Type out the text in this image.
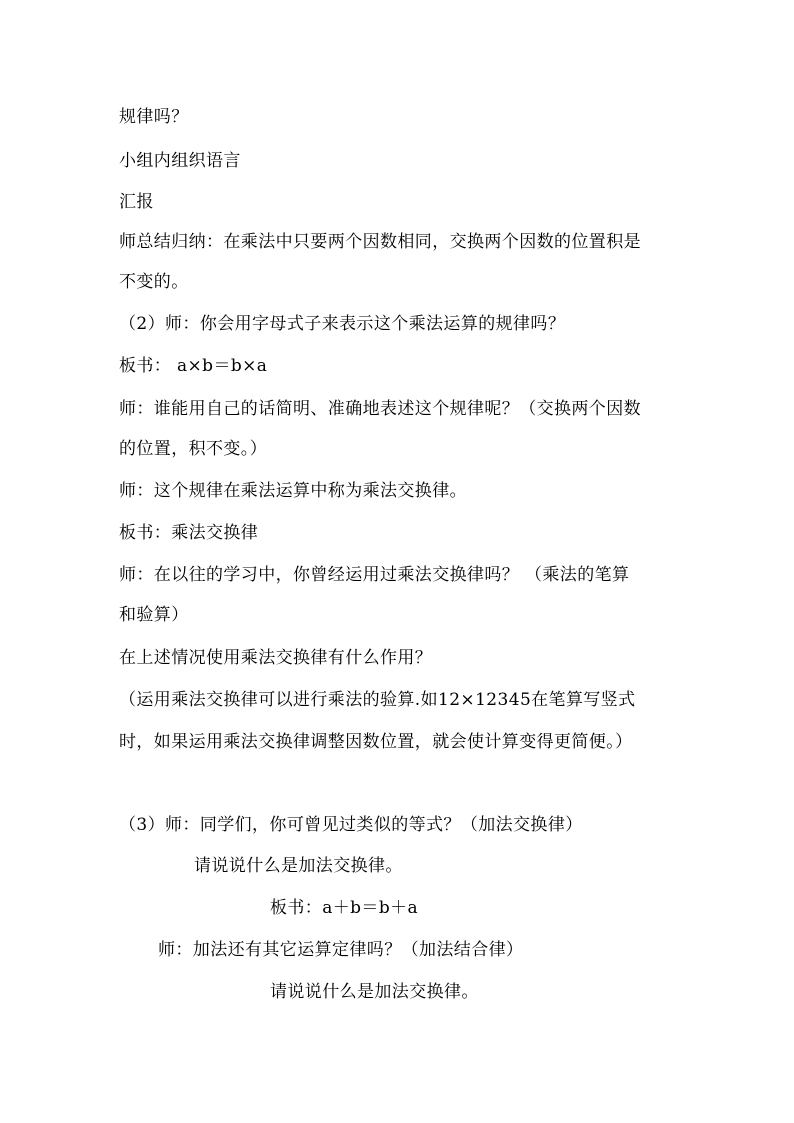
规律吗？
小组内组织语言
汇报
师总结归纳：在乘法中只要两个因数相同，交换两个因数的位置积是
不变的。
（2）师：你会用字母式子来表示这个乘法运算的规律吗？
板书： a×b＝b×a
师：谁能用自己的话简明、准确地表述这个规律呢？（交换两个因数
的位置，积不变。）
师：这个规律在乘法运算中称为乘法交换律。
板书：乘法交换律
师：在以往的学习中，你曾经运用过乘法交换律吗？ （乘法的笔算
和验算）
在上述情况使用乘法交换律有什么作用？
（运用乘法交换律可以进行乘法的验算.如12×12345在笔算写竖式
时，如果运用乘法交换律调整因数位置，就会使计算变得更简便。）
（3）师：同学们，你可曾见过类似的等式？（加法交换律）
请说说什么是加法交换律。
板书：a＋b＝b＋a
师：加法还有其它运算定律吗？（加法结合律）
请说说什么是加法交换律。
